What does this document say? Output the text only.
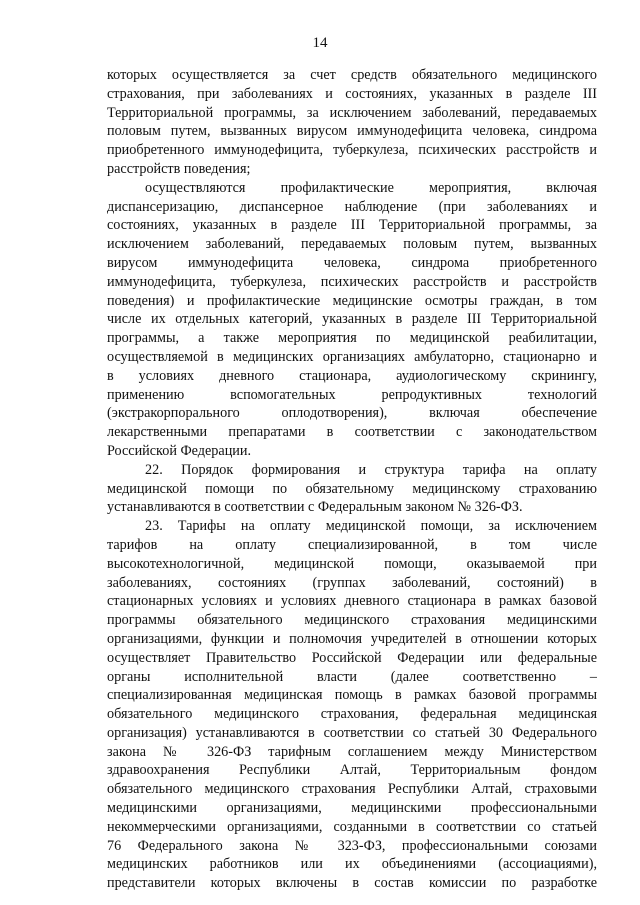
14
которых осуществляется за счет средств обязательного медицинского
страхования, при заболеваниях и состояниях, указанных в разделе III
Территориальной программы, за исключением заболеваний, передаваемых
половым путем, вызванных вирусом иммунодефицита человека, синдрома
приобретенного иммунодефицита, туберкулеза, психических расстройств и
расстройств поведения;
осуществляются профилактические мероприятия, включая
диспансеризацию, диспансерное наблюдение (при заболеваниях и
состояниях, указанных в разделе III Территориальной программы, за
исключением заболеваний, передаваемых половым путем, вызванных
вирусом иммунодефицита человека, синдрома приобретенного
иммунодефицита, туберкулеза, психических расстройств и расстройств
поведения) и профилактические медицинские осмотры граждан, в том
числе их отдельных категорий, указанных в разделе III Территориальной
программы, а также мероприятия по медицинской реабилитации,
осуществляемой в медицинских организациях амбулаторно, стационарно и
в условиях дневного стационара, аудиологическому скринингу,
применению вспомогательных репродуктивных технологий
(экстракорпорального оплодотворения), включая обеспечение
лекарственными препаратами в соответствии с законодательством
Российской Федерации.
22. Порядок формирования и структура тарифа на оплату
медицинской помощи по обязательному медицинскому страхованию
устанавливаются в соответствии с Федеральным законом № 326-ФЗ.
23. Тарифы на оплату медицинской помощи, за исключением
тарифов на оплату специализированной, в том числе
высокотехнологичной, медицинской помощи, оказываемой при
заболеваниях, состояниях (группах заболеваний, состояний) в
стационарных условиях и условиях дневного стационара в рамках базовой
программы обязательного медицинского страхования медицинскими
организациями, функции и полномочия учредителей в отношении которых
осуществляет Правительство Российской Федерации или федеральные
органы исполнительной власти (далее соответственно –
специализированная медицинская помощь в рамках базовой программы
обязательного медицинского страхования, федеральная медицинская
организация) устанавливаются в соответствии со статьей 30 Федерального
закона № 326-ФЗ тарифным соглашением между Министерством
здравоохранения Республики Алтай, Территориальным фондом
обязательного медицинского страхования Республики Алтай, страховыми
медицинскими организациями, медицинскими профессиональными
некоммерческими организациями, созданными в соответствии со статьей
76 Федерального закона № 323-ФЗ, профессиональными союзами
медицинских работников или их объединениями (ассоциациями),
представители которых включены в состав комиссии по разработке
